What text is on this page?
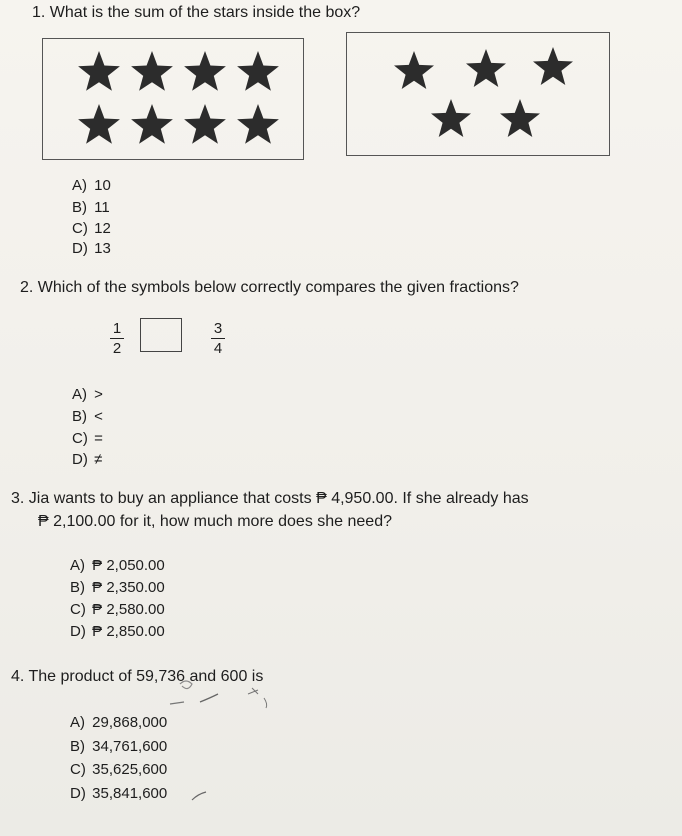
1. What is the sum of the stars inside the box?
A) 10
B) 11
C) 12
D) 13
2. Which of the symbols below correctly compares the given fractions?
1
2
3
4
A) >
B) <
C) =
D) ≠
3. Jia wants to buy an appliance that costs ₱ 4,950.00. If she already has
₱ 2,100.00 for it, how much more does she need?
A) ₱ 2,050.00
B) ₱ 2,350.00
C) ₱ 2,580.00
D) ₱ 2,850.00
4. The product of 59,736 and 600 is
A) 29,868,000
B) 34,761,600
C) 35,625,600
D) 35,841,600
